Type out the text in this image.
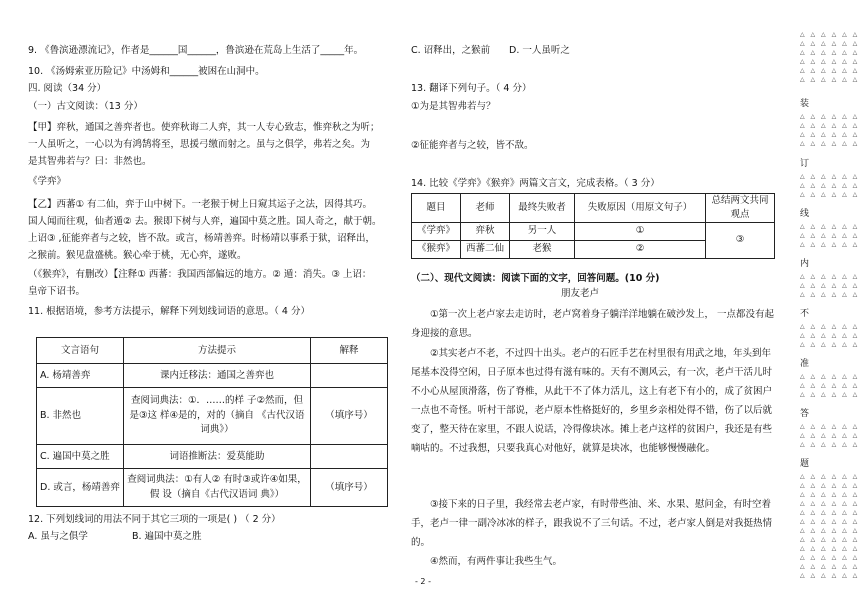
9. 《鲁滨逊漂流记》，作者是______国______，鲁滨逊在荒岛上生活了_____年。

10. 《汤姆索亚历险记》中汤姆和______被困在山洞中。

四. 阅读（34 分）

（一）古文阅读：（13 分）

【甲】弈秋，通国之善弈者也。使弈秋诲二人弈，其一人专心致志，惟弈秋之为听；

一人虽听之，一心以为有鸿鹄将至，思援弓缴而射之。虽与之俱学，弗若之矣。为

是其智弗若与？曰：非然也。

《学弈》

【乙】西蕃① 有二仙，弈于山中树下。一老猴于树上日窥其运子之法，因得其巧。

国人闻而往观，仙者遁② 去。猴即下树与人弈，遍国中莫之胜。国人奇之，献于朝。

上诏③ ,征能弈者与之较，皆不敌。或言，杨靖善弈。时杨靖以事系于狱，诏释出，

之猴前。猴见盘盛桃。猴心牵于桃，无心弈，遂败。

（《猴弈》，有删改）【注释① 西蕃：我国西部偏远的地方。② 遁：消失。③ 上诏：

皇帝下诏书。

11. 根据语境，参考方法提示，解释下列划线词语的意思。（ 4 分）

文言语句	方法提示	解释
A. 杨靖善弈	课内迁移法：通国之善弈也	
B. 非然也	查阅词典法：①．……的样 子②然而，但是③这 样④是的，对的（摘自 《古代汉语词典》）	（填序号）
C. 遍国中莫之胜	词语推断法：爱莫能助	
D. 或言，杨靖善弈	查阅词典法：①有人② 有时③或许④如果，假 设（摘自《古代汉语词 典》）	（填序号）

12. 下列划线词的用法不同于其它三项的一项是( ) （ 2 分）

A. 虽与之俱学	B. 遍国中莫之胜

C. 诏释出，之猴前 D. 一人虽听之

13. 翻译下列句子。（ 4 分）

①为是其智弗若与？

②征能弈者与之较，皆不敌。

14. 比较《学弈》《猴弈》两篇文言文，完成表格。（ 3 分）

题目	老师	最终失败者	失败原因（用原文句子）	总结两文共同观点
《学弈》	弈秋	另一人	①	③
《猴弈》	西蕃二仙	老猴	②	

（二）、现代文阅读：阅读下面的文字，回答问题。(10 分)

朋友老卢

①第一次上老卢家去走访时，老卢窝着身子躺洋洋地躺在破沙发上， 一点都没有起身迎接的意思。

②其实老卢不老，不过四十出头。老卢的石匠手艺在村里很有用武之地，年头到年尾基本没得空闲，日子原本也过得有滋有味的。天有不测风云，有一次，老卢干活儿时不小心从屋顶滑落，伤了脊椎，从此干不了体力活儿，这上有老下有小的，成了贫困户一点也不奇怪。听村干部说，老卢原本性格挺好的，乡里乡亲相处得不错，伤了以后就变了，整天待在家里，不跟人说话，冷得像块冰。摊上老卢这样的贫困户，我还是有些嘀咕的。不过我想，只要我真心对他好，就算是块冰，也能够慢慢融化。

③接下来的日子里，我经常去老卢家，有时带些油、米、水果、慰问金，有时空着手，老卢一律一副冷冰冰的样子，跟我说不了三句话。不过，老卢家人倒是对我挺热情的。

④然而，有两件事让我些生气。

△ △ △ △ △ △
△ △ △ △ △ △
△ △ △ △ △ △
△ △ △ △ △ △
△ △ △ △ △ △
△ △ △ △ △ △
装
△ △ △ △ △ △
△ △ △ △ △ △
△ △ △ △ △ △
△ △ △ △ △ △
订
△ △ △ △ △ △
△ △ △ △ △ △
△ △ △ △ △ △
线
△ △ △ △ △ △
△ △ △ △ △ △
△ △ △ △ △ △
内
△ △ △ △ △ △
△ △ △ △ △ △
△ △ △ △ △ △
不
△ △ △ △ △ △
△ △ △ △ △ △
△ △ △ △ △ △
准
△ △ △ △ △ △
△ △ △ △ △ △
△ △ △ △ △ △
答
△ △ △ △ △ △
△ △ △ △ △ △
△ △ △ △ △ △
题
△ △ △ △ △ △
△ △ △ △ △ △
△ △ △ △ △ △
△ △ △ △ △ △
△ △ △ △ △ △
△ △ △ △ △ △
△ △ △ △ △ △
△ △ △ △ △ △
△ △ △ △ △ △
△ △ △ △ △ △
△ △ △ △ △ △
△ △ △ △ △ △
- 2 -
